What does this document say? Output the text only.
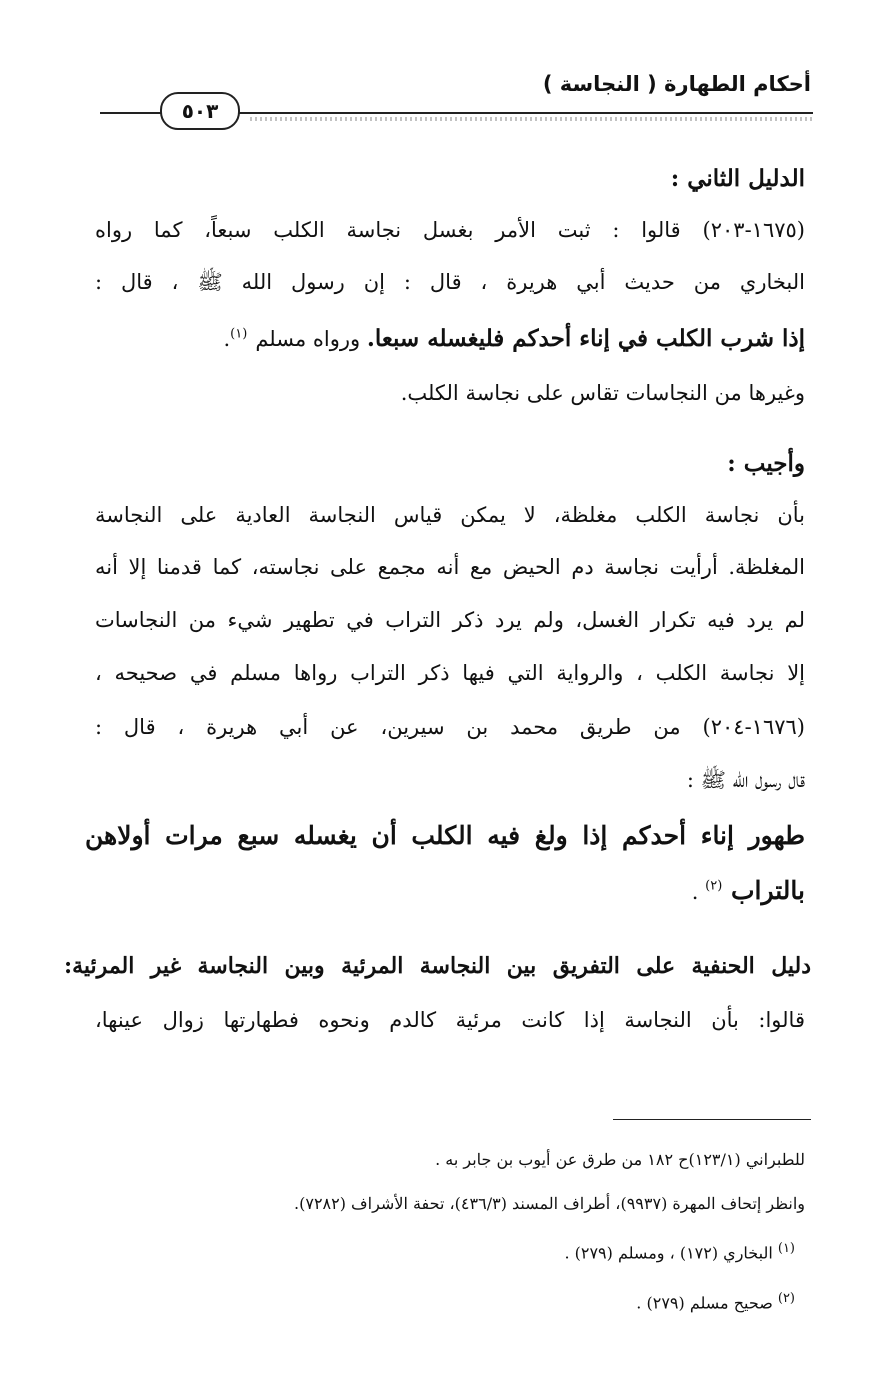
أحكام الطهارة ( النجاسة )
٥٠٣
الدليل الثاني :
(١٦٧٥-٢٠٣) قالوا : ثبت الأمر بغسل نجاسة الكلب سبعاً، كما رواه
البخاري من حديث أبي هريرة ، قال : إن رسول الله ﷺ ، قال :
إذا شرب الكلب في إناء أحدكم فليغسله سبعا. ورواه مسلم $^{(١)}$.
وغيرها من النجاسات تقاس على نجاسة الكلب.
وأجيب :
بأن نجاسة الكلب مغلظة، لا يمكن قياس النجاسة العادية على النجاسة
المغلظة. أرأيت نجاسة دم الحيض مع أنه مجمع على نجاسته، كما قدمنا إلا أنه
لم يرد فيه تكرار الغسل، ولم يرد ذكر التراب في تطهير شيء من النجاسات
إلا نجاسة الكلب ، والرواية التي فيها ذكر التراب رواها مسلم في صحيحه ،
(١٦٧٦-٢٠٤) من طريق محمد بن سيرين، عن أبي هريرة ، قال :
قال رسول الله ﷺ :
طهور إناء أحدكم إذا ولغ فيه الكلب أن يغسله سبع مرات أولاهن
بالتراب $^{(٢)}$ .
دليل الحنفية على التفريق بين النجاسة المرئية وبين النجاسة غير المرئية:
قالوا: بأن النجاسة إذا كانت مرئية كالدم ونحوه فطهارتها زوال عينها،
للطبراني (١٢٣/١)ح ١٨٢ من طرق عن أيوب بن جابر به .
وانظر إتحاف المهرة (٩٩٣٧)، أطراف المسند (٤٣٦/٣)، تحفة الأشراف (٧٢٨٢).
$^{(١)}$ البخاري (١٧٢) ، ومسلم (٢٧٩) .
$^{(٢)}$ صحيح مسلم (٢٧٩) .
